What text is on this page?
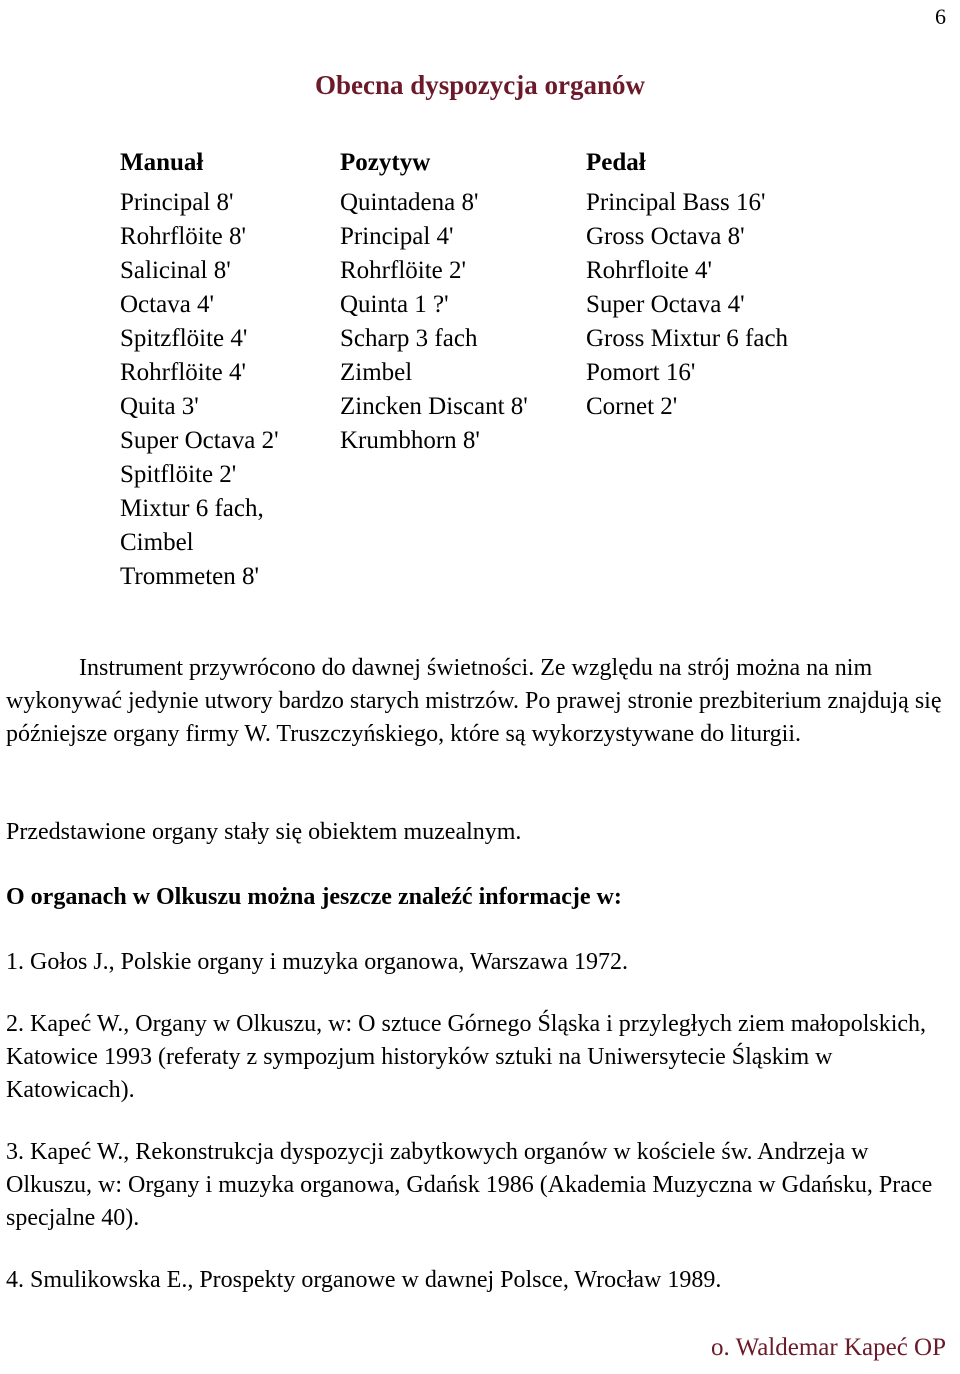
6
Obecna dyspozycja organów
Manuał
Principal 8'
Rohrflöite 8'
Salicinal 8'
Octava 4'
Spitzflöite 4'
Rohrflöite 4'
Quita 3'
Super Octava 2'
Spitflöite 2'
Mixtur 6 fach,
Cimbel
Trommeten 8'
Pozytyw
Quintadena 8'
Principal 4'
Rohrflöite 2'
Quinta 1 ?'
Scharp 3 fach
Zimbel
Zincken Discant 8'
Krumbhorn 8'
Pedał
Principal Bass 16'
Gross Octava 8'
Rohrfloite 4'
Super Octava 4'
Gross Mixtur 6 fach
Pomort 16'
Cornet 2'
Instrument przywrócono do dawnej świetności. Ze względu na strój można na nim wykonywać jedynie utwory bardzo starych mistrzów. Po prawej stronie prezbiterium znajdują się późniejsze organy firmy W. Truszczyńskiego, które są wykorzystywane do liturgii.
Przedstawione organy stały się obiektem muzealnym.
O organach w Olkuszu można jeszcze znaleźć informacje w:
1. Gołos J., Polskie organy i muzyka organowa, Warszawa 1972.
2. Kapeć W., Organy w Olkuszu, w: O sztuce Górnego Śląska i przyległych ziem małopolskich, Katowice 1993 (referaty z sympozjum historyków sztuki na Uniwersytecie Śląskim w Katowicach).
3. Kapeć W., Rekonstrukcja dyspozycji zabytkowych organów w kościele św. Andrzeja w Olkuszu, w: Organy i muzyka organowa, Gdańsk 1986 (Akademia Muzyczna w Gdańsku, Prace specjalne 40).
4. Smulikowska E., Prospekty organowe w dawnej Polsce, Wrocław 1989.
o. Waldemar Kapeć OP
